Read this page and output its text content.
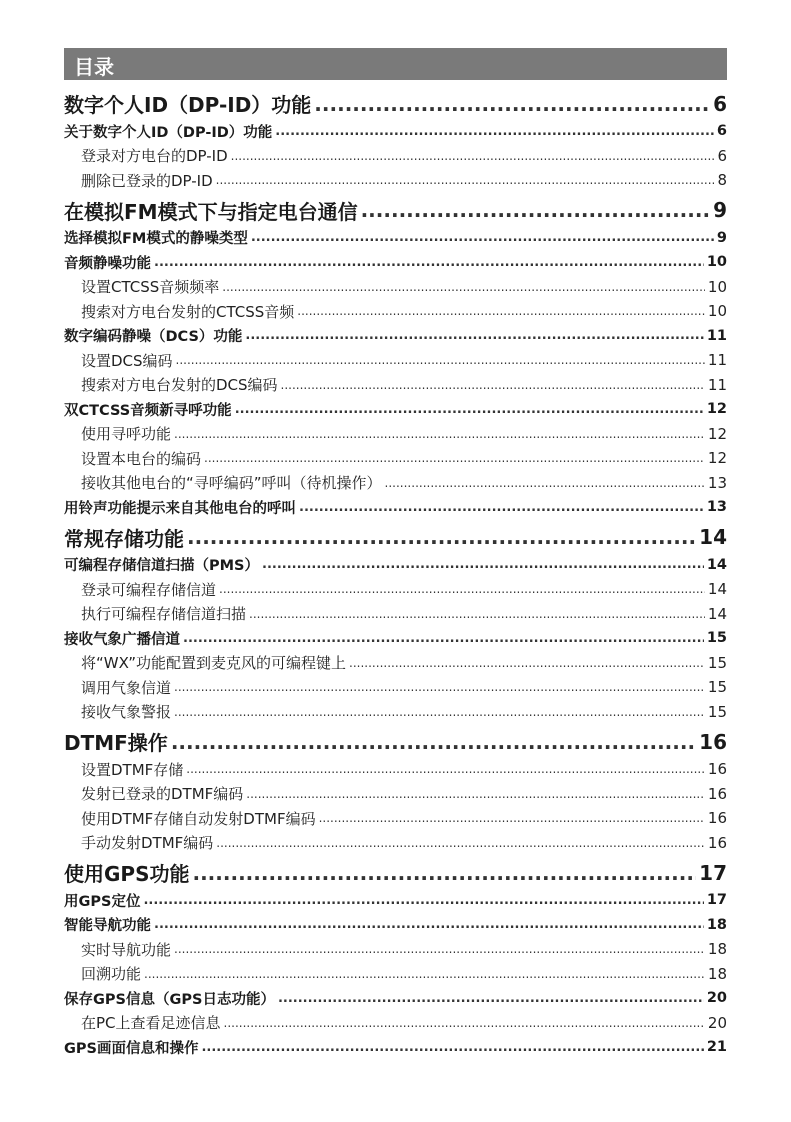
目录
数字个人ID（DP-ID）功能 .....	6
关于数字个人ID（DP-ID）功能 .....	6
登录对方电台的DP-ID .....	6
删除已登录的DP-ID .....	8
在模拟FM模式下与指定电台通信 .....	9
选择模拟FM模式的静噪类型 .....	9
音频静噪功能 .....	10
设置CTCSS音频频率 .....	10
搜索对方电台发射的CTCSS音频 .....	10
数字编码静噪（DCS）功能 .....	11
设置DCS编码 .....	11
搜索对方电台发射的DCS编码 .....	11
双CTCSS音频新寻呼功能 .....	12
使用寻呼功能 .....	12
设置本电台的编码 .....	12
接收其他电台的“寻呼编码”呼叫（待机操作） .....	13
用铃声功能提示来自其他电台的呼叫 .....	13
常规存储功能 .....	14
可编程存储信道扫描（PMS） .....	14
登录可编程存储信道 .....	14
执行可编程存储信道扫描 .....	14
接收气象广播信道 .....	15
将“WX”功能配置到麦克风的可编程键上 .....	15
调用气象信道 .....	15
接收气象警报 .....	15
DTMF操作 .....	16
设置DTMF存储 .....	16
发射已登录的DTMF编码 .....	16
使用DTMF存储自动发射DTMF编码 .....	16
手动发射DTMF编码 .....	16
使用GPS功能 .....	17
用GPS定位 .....	17
智能导航功能 .....	18
实时导航功能 .....	18
回溯功能 .....	18
保存GPS信息（GPS日志功能） .....	20
在PC上查看足迹信息 .....	20
GPS画面信息和操作 .....	21
